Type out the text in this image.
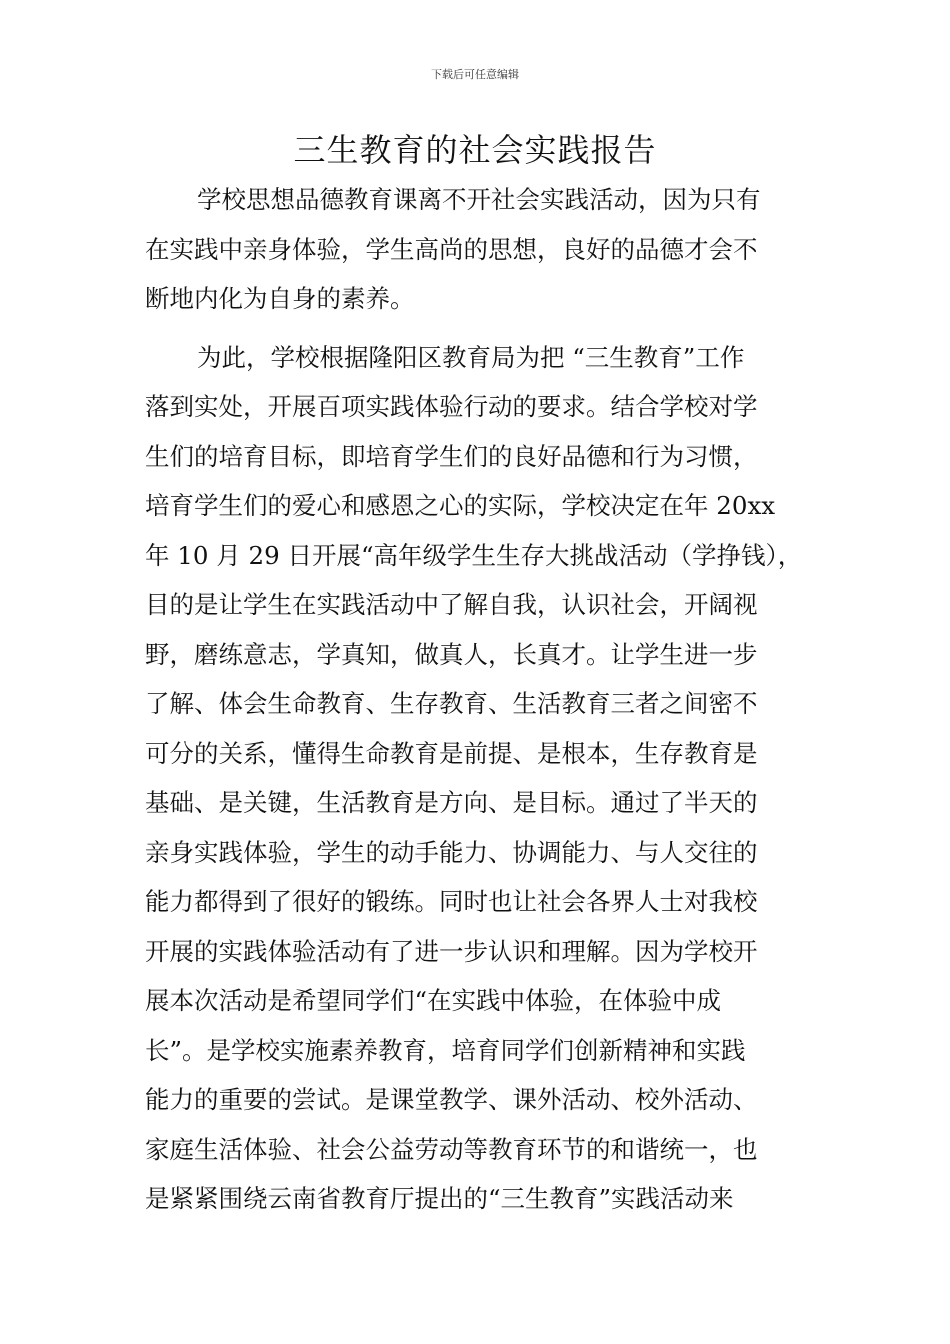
下载后可任意编辑
三生教育的社会实践报告
学校思想品德教育课离不开社会实践活动，因为只有
在实践中亲身体验，学生高尚的思想，良好的品德才会不
断地内化为自身的素养。
为此，学校根据隆阳区教育局为把 “三生教育”工作
落到实处，开展百项实践体验行动的要求。结合学校对学
生们的培育目标，即培育学生们的良好品德和行为习惯，
培育学生们的爱心和感恩之心的实际，学校决定在年 20xx
年 10 月 29 日开展“高年级学生生存大挑战活动（学挣钱），
目的是让学生在实践活动中了解自我，认识社会，开阔视
野，磨练意志，学真知，做真人，长真才。让学生进一步
了解、体会生命教育、生存教育、生活教育三者之间密不
可分的关系，懂得生命教育是前提、是根本，生存教育是
基础、是关键，生活教育是方向、是目标。通过了半天的
亲身实践体验，学生的动手能力、协调能力、与人交往的
能力都得到了很好的锻练。同时也让社会各界人士对我校
开展的实践体验活动有了进一步认识和理解。因为学校开
展本次活动是希望同学们“在实践中体验，在体验中成
长”。是学校实施素养教育，培育同学们创新精神和实践
能力的重要的尝试。是课堂教学、课外活动、校外活动、
家庭生活体验、社会公益劳动等教育环节的和谐统一，也
是紧紧围绕云南省教育厅提出的“三生教育”实践活动来
